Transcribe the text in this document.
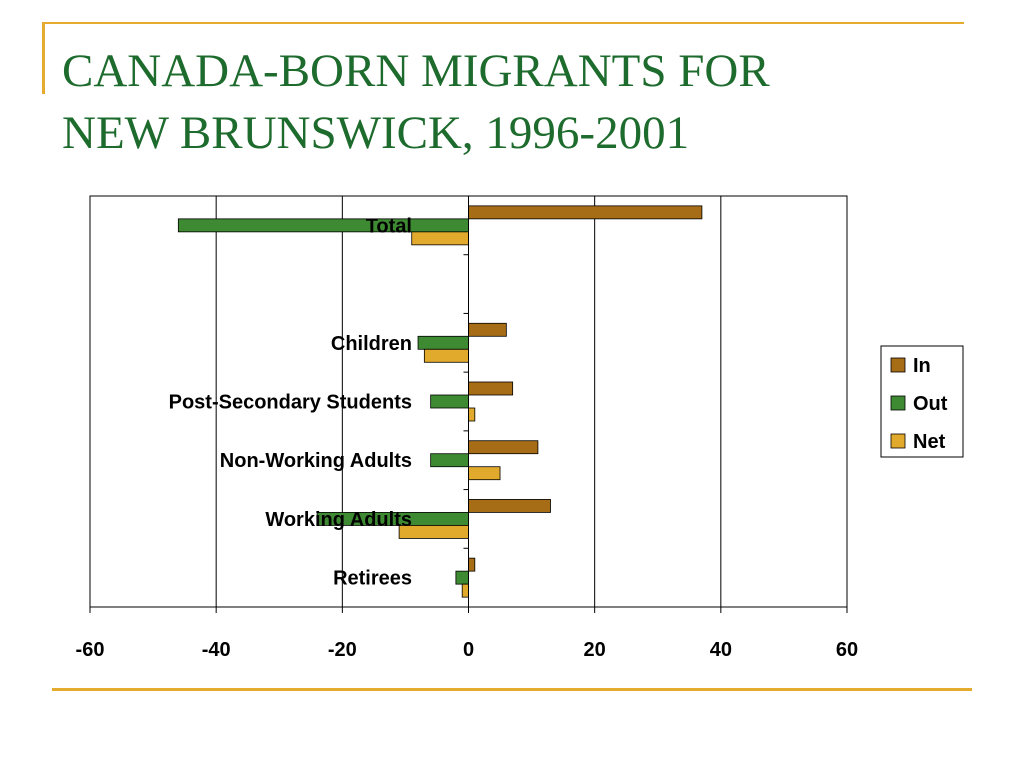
CANADA-BORN MIGRANTS FOR
NEW BRUNSWICK, 1996-2001
-60	-40	-20	0	20	40	60
Total
Children
Post-Secondary Students
Non-Working Adults
Working Adults
Retirees
In
Out
Net
